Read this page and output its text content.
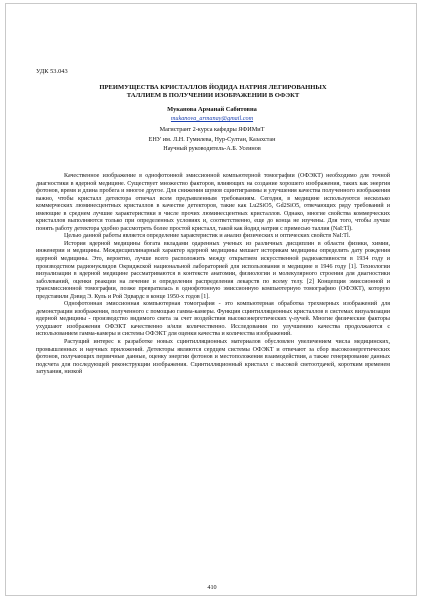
УДК 53.043
ПРЕИМУЩЕСТВА КРИСТАЛЛОВ ЙОДИДА НАТРИЯ ЛЕГИРОВАННЫХ
ТАЛЛИЕМ В ПОЛУЧЕНИИ ИЗОБРАЖЕНИИ В ОФЭКТ
Муканова Арманай Сабитовна
mukanova_armanay@gmail.com
Магистрант 2-курса кафедры ЯФИМиТ
ЕНУ им. Л.Н. Гумилева, Нур-Султан, Казахстан
Научный руководитель-А.Б. Усеинов

Качественное изображение в однофотонной эмиссионной компьютерной томографии (ОФЭКТ) необходимо для точной диагностики в ядерной медицине. Существует множество факторов, влияющих на создание хорошего изображения, таких как энергия фотонов, время и длина пробега и многое другое. Для снижения шумов сцинтиграммы и улучшения качества полученного изображения важно, чтобы кристалл детектора отвечал всем предъявленным требованиям. Сегодня, в медицине используются несколько коммерческих люминесцентных кристаллов в качестве детекторов, такие как Lu2SiO5, Gd2SiO5, отвечающих ряду требований и имеющие в среднем лучшие характеристики в числе прочих люминесцентных кристаллов. Однако, многие свойства коммерческих кристаллов выполняются только при определенных условиях и, соответственно, еще до конца не изучены. Для того, чтобы лучше понять работу детектора удобно рассмотреть более простой кристалл, такой как йодид натрия с примесью таллия (NaI:Tl).

Целью данной работы является определение характеристик и анализ физических и оптических свойств NaI:Tl.

История ядерной медицины богата вкладами одаренных ученых из различных дисциплин в области физики, химии, инженерии и медицины. Междисциплинарный характер ядерной медицины мешает историкам медицины определить дату рождения ядерной медицины. Это, вероятно, лучше всего расположить между открытием искусственной радиоактивности в 1934 году и производством радионуклидов Окриджской национальной лабораторией для использования в медицине в 1946 году [1]. Технологии визуализации в ядерной медицине рассматриваются в контексте анатомии, физиологии и молекулярного строения для диагностики заболеваний, оценки реакции на лечение и определения распределения лекарств по всему телу. [2] Концепция эмиссионной и трансмиссионной томографии, позже превратилась в однофотонную эмиссионную компьютерную томографию (ОФЭКТ), которую представили Дэвид Э. Куль и Рой Эдвардс в конце 1950-х годов [1].

Однофотонная эмиссионная компьютерная томография - это компьютерная обработка трехмерных изображений для демонстрации изображения, полученного с помощью гамма-камеры. Функция сцинтилляционных кристаллов в системах визуализации ядерной медицины - производство видимого света за счет воздействия высокоэнергетических γ-лучей. Многие физические факторы ухудшают изображения ОФЭКТ качественно и/или количественно. Исследования по улучшению качества продолжаются с использованием гамма-камеры и системы ОФЭКТ для оценки качества и количества изображений.

Растущий интерес к разработке новых сцинтилляционных материалов обусловлен увеличением числа медицинских, промышленных и научных приложений. Детекторы являются сердцем системы ОФЭКТ и отвечают за сбор высокоэнергетических фотонов, получающих первичные данные, оценку энергии фотонов и местоположения взаимодействия, а также генерирование данных подсчета для последующей реконструкции изображения. Сцинтилляционный кристалл с высокой светоотдачей, коротким временем затухания, низкой

410
